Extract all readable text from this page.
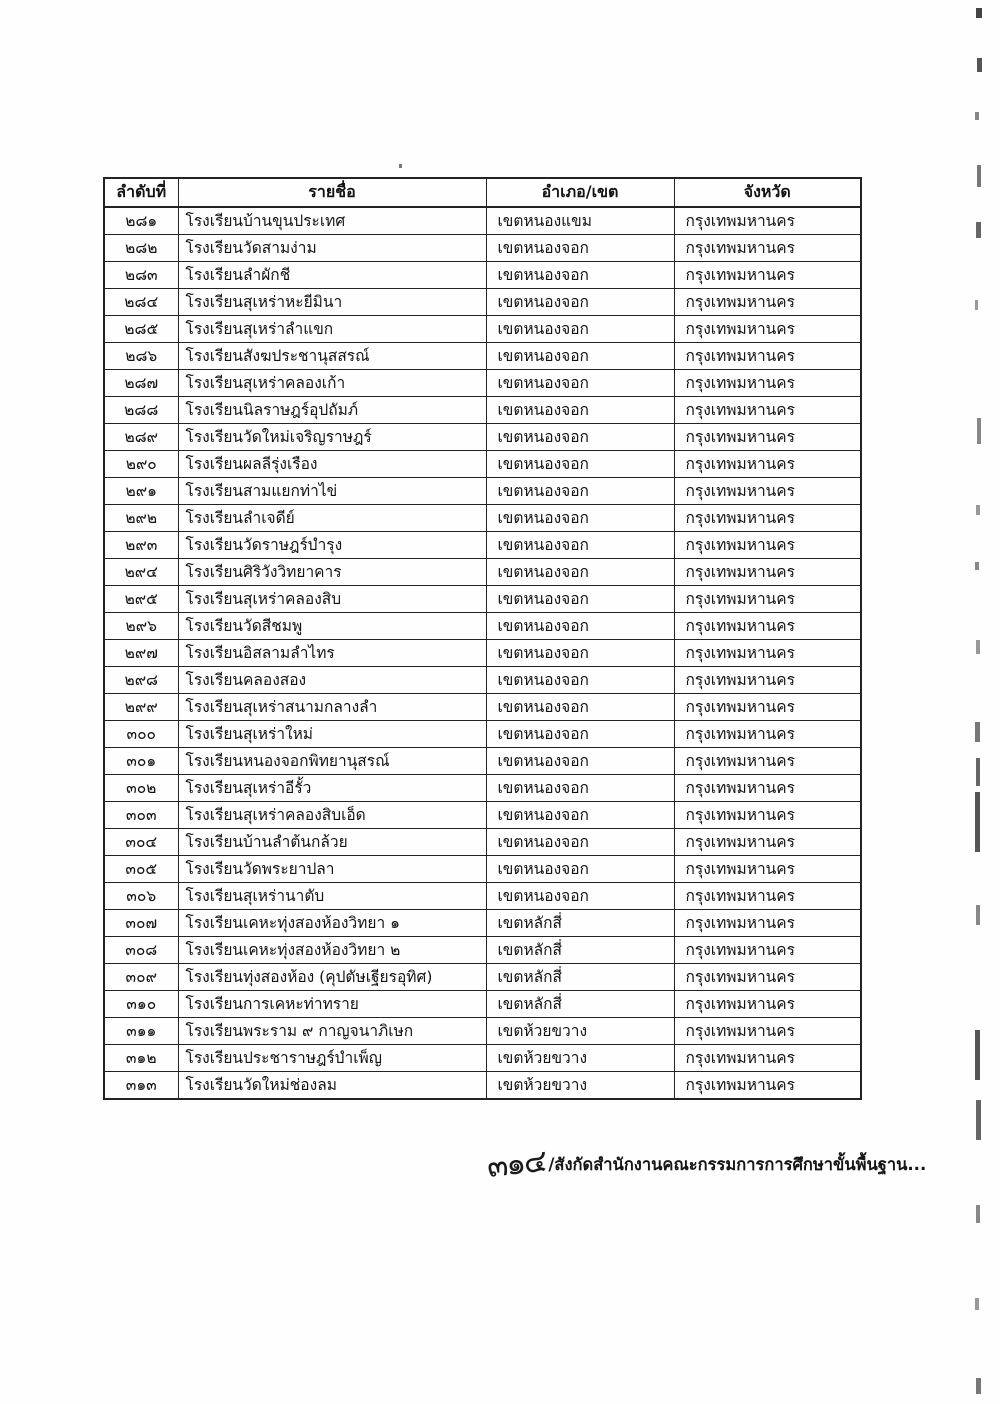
ลำดับที่	รายชื่อ	อำเภอ/เขต	จังหวัด
๒๘๑	โรงเรียนบ้านขุนประเทศ	เขตหนองแขม	กรุงเทพมหานคร
๒๘๒	โรงเรียนวัดสามง่าม	เขตหนองจอก	กรุงเทพมหานคร
๒๘๓	โรงเรียนลำผักชี	เขตหนองจอก	กรุงเทพมหานคร
๒๘๔	โรงเรียนสุเหร่าหะยีมินา	เขตหนองจอก	กรุงเทพมหานคร
๒๘๕	โรงเรียนสุเหร่าลำแขก	เขตหนองจอก	กรุงเทพมหานคร
๒๘๖	โรงเรียนสังฆประชานุสสรณ์	เขตหนองจอก	กรุงเทพมหานคร
๒๘๗	โรงเรียนสุเหร่าคลองเก้า	เขตหนองจอก	กรุงเทพมหานคร
๒๘๘	โรงเรียนนิลราษฎร์อุปถัมภ์	เขตหนองจอก	กรุงเทพมหานคร
๒๘๙	โรงเรียนวัดใหม่เจริญราษฎร์	เขตหนองจอก	กรุงเทพมหานคร
๒๙๐	โรงเรียนผลลีรุ่งเรือง	เขตหนองจอก	กรุงเทพมหานคร
๒๙๑	โรงเรียนสามแยกท่าไข่	เขตหนองจอก	กรุงเทพมหานคร
๒๙๒	โรงเรียนลำเจดีย์	เขตหนองจอก	กรุงเทพมหานคร
๒๙๓	โรงเรียนวัดราษฎร์บำรุง	เขตหนองจอก	กรุงเทพมหานคร
๒๙๔	โรงเรียนศิริวังวิทยาคาร	เขตหนองจอก	กรุงเทพมหานคร
๒๙๕	โรงเรียนสุเหร่าคลองสิบ	เขตหนองจอก	กรุงเทพมหานคร
๒๙๖	โรงเรียนวัดสีชมพู	เขตหนองจอก	กรุงเทพมหานคร
๒๙๗	โรงเรียนอิสลามลำไทร	เขตหนองจอก	กรุงเทพมหานคร
๒๙๘	โรงเรียนคลองสอง	เขตหนองจอก	กรุงเทพมหานคร
๒๙๙	โรงเรียนสุเหร่าสนามกลางลำ	เขตหนองจอก	กรุงเทพมหานคร
๓๐๐	โรงเรียนสุเหร่าใหม่	เขตหนองจอก	กรุงเทพมหานคร
๓๐๑	โรงเรียนหนองจอกพิทยานุสรณ์	เขตหนองจอก	กรุงเทพมหานคร
๓๐๒	โรงเรียนสุเหร่าอีรั้ว	เขตหนองจอก	กรุงเทพมหานคร
๓๐๓	โรงเรียนสุเหร่าคลองสิบเอ็ด	เขตหนองจอก	กรุงเทพมหานคร
๓๐๔	โรงเรียนบ้านลำต้นกล้วย	เขตหนองจอก	กรุงเทพมหานคร
๓๐๕	โรงเรียนวัดพระยาปลา	เขตหนองจอก	กรุงเทพมหานคร
๓๐๖	โรงเรียนสุเหร่านาตับ	เขตหนองจอก	กรุงเทพมหานคร
๓๐๗	โรงเรียนเคหะทุ่งสองห้องวิทยา ๑	เขตหลักสี่	กรุงเทพมหานคร
๓๐๘	โรงเรียนเคหะทุ่งสองห้องวิทยา ๒	เขตหลักสี่	กรุงเทพมหานคร
๓๐๙	โรงเรียนทุ่งสองห้อง (คุปตัษเฐียรอุทิศ)	เขตหลักสี่	กรุงเทพมหานคร
๓๑๐	โรงเรียนการเคหะท่าทราย	เขตหลักสี่	กรุงเทพมหานคร
๓๑๑	โรงเรียนพระราม ๙ กาญจนาภิเษก	เขตห้วยขวาง	กรุงเทพมหานคร
๓๑๒	โรงเรียนประชาราษฎร์บำเพ็ญ	เขตห้วยขวาง	กรุงเทพมหานคร
๓๑๓	โรงเรียนวัดใหม่ช่องลม	เขตห้วยขวาง	กรุงเทพมหานคร
๓๑๔ /สังกัดสำนักงานคณะกรรมการการศึกษาขั้นพื้นฐาน...
